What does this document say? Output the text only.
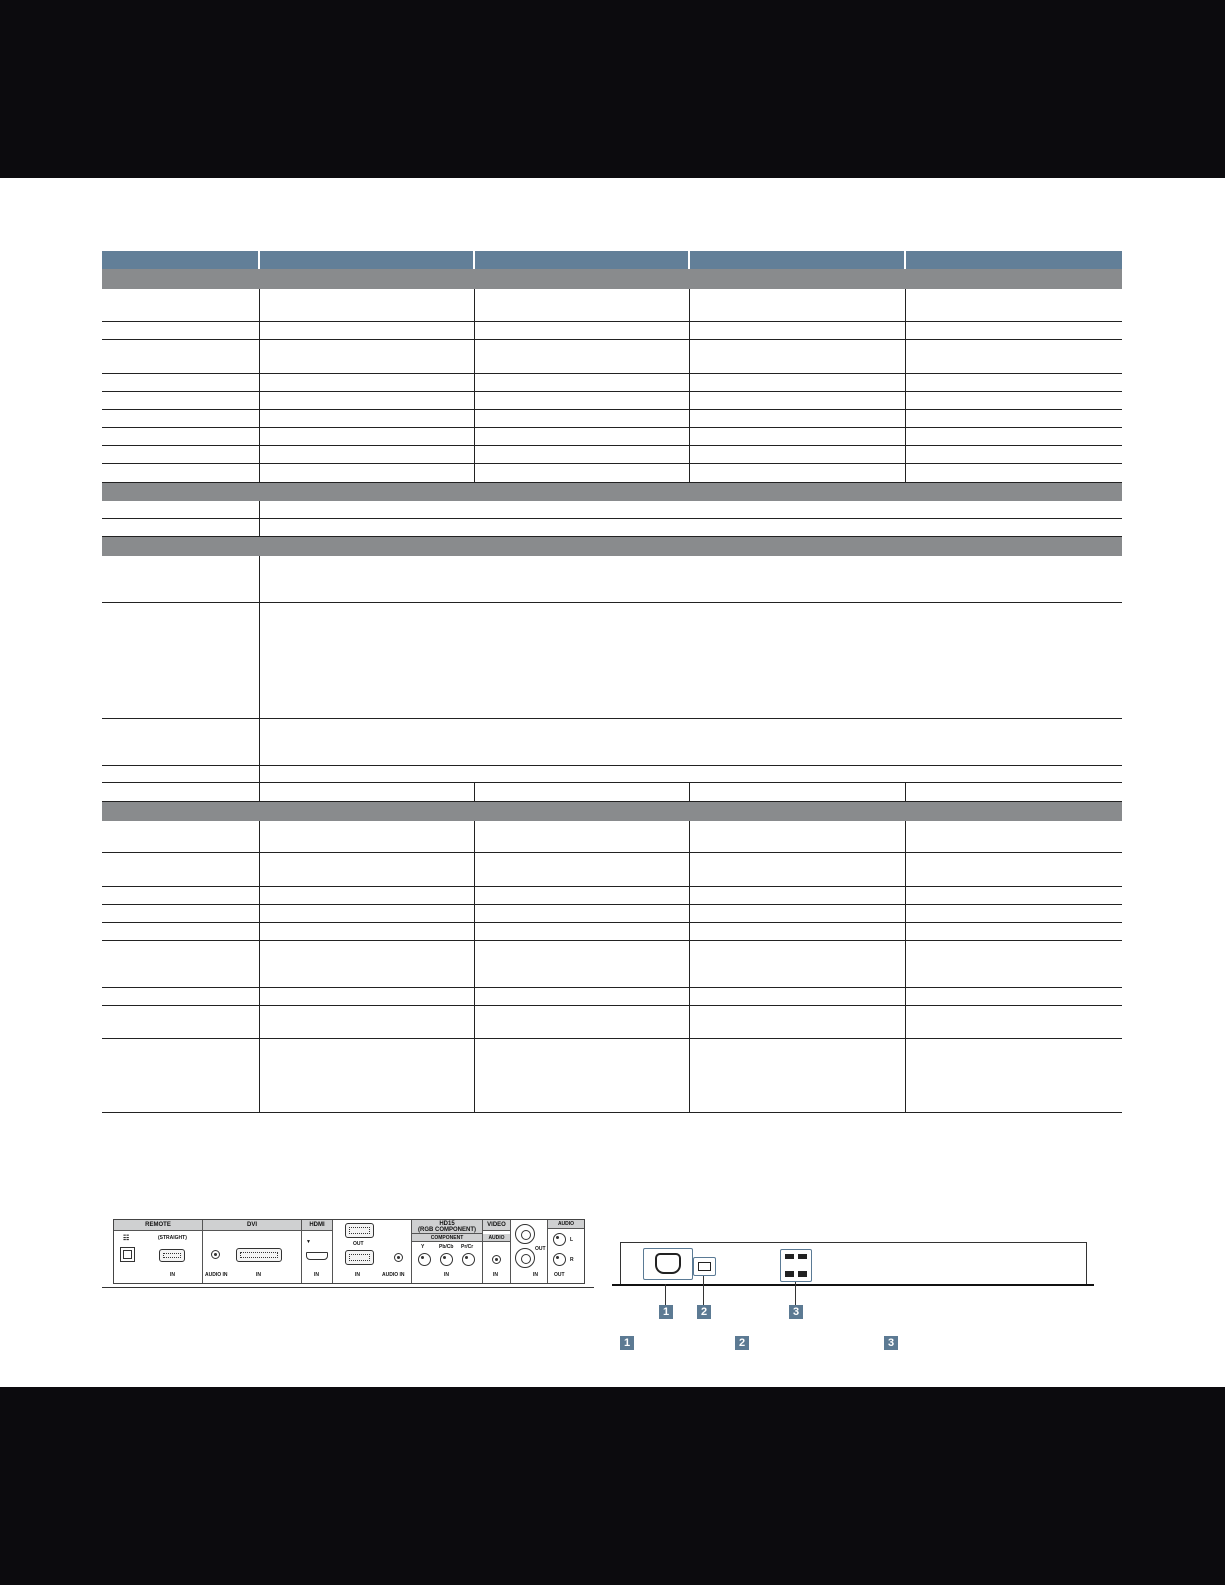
REMOTE
☷	(STRAIGHT)
IN
DVI
AUDIO IN	IN
HDMI
▼
IN
OUT
IN	AUDIO IN
HD15
(RGB COMPONENT)
COMPONENT
Y	Pb/Cb Pr/Cr
IN
VIDEO
AUDIO
IN
OUT
IN
AUDIO
L
R
OUT
1	2	3
1	2	3
